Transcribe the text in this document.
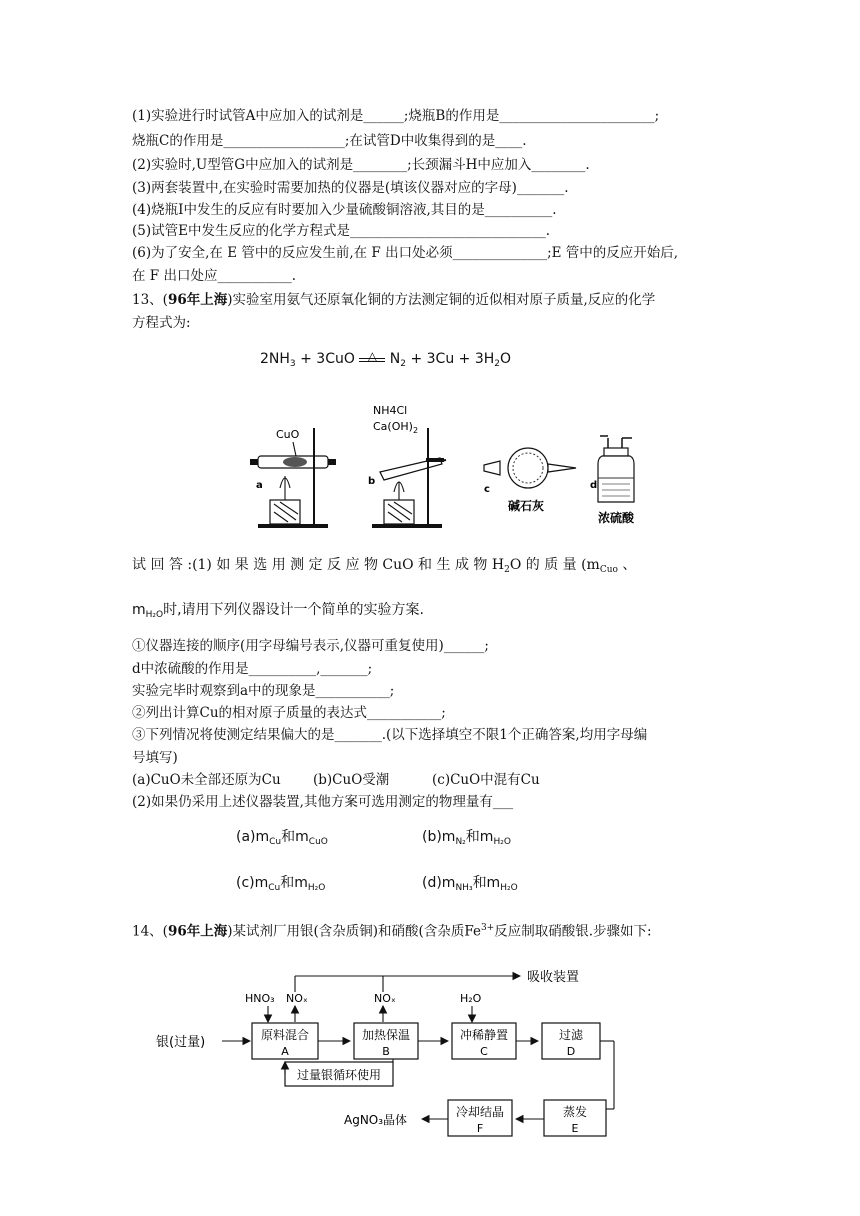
(1)实验进行时试管A中应加入的试剂是______;烧瓶B的作用是_______________________;
烧瓶C的作用是__________________;在试管D中收集得到的是____.
(2)实验时,U型管G中应加入的试剂是________;长颈漏斗H中应加入________.
(3)两套装置中,在实验时需要加热的仪器是(填该仪器对应的字母)_______.
(4)烧瓶I中发生的反应有时要加入少量硫酸铜溶液,其目的是__________.
(5)试管E中发生反应的化学方程式是_____________________________.
(6)为了安全,在 E 管中的反应发生前,在 F 出口处必须______________;E 管中的反应开始后,
在 F 出口处应___________.
13、(96年上海)实验室用氨气还原氧化铜的方法测定铜的近似相对原子质量,反应的化学
方程式为:
$2NH_3 + 3CuO$	△ $N_2 + 3Cu + 3H_2O$
CuO
a
NH4Cl
$Ca(OH)_2$
b
c
碱石灰
d
浓硫酸
试 回 答 :(1) 如 果 选 用 测 定 反 应 物 CuO 和 生 成 物 $H_2O$ 的 质 量 ($m_{Cuo}$ 、
$m_{H_2O}$时,请用下列仪器设计一个简单的实验方案.
①仪器连接的顺序(用字母编号表示,仪器可重复使用)______;
d中浓硫酸的作用是__________,_______;
实验完毕时观察到a中的现象是___________;
②列出计算Cu的相对原子质量的表达式___________;
③下列情况将使测定结果偏大的是_______.(以下选择填空不限1个正确答案,均用字母编
号填写)
(a)CuO未全部还原为Cu (b)CuO受潮	(c)CuO中混有Cu
(2)如果仍采用上述仪器装置,其他方案可选用测定的物理量有___
$(a)m_{Cu}$和$m_{CuO}$	$(b)m_{N_2}$和$m_{H_2O}$
$(c)m_{Cu}$和$m_{H_2O}$	$(d)m_{NH_3}$和$m_{H_2O}$
14、(96年上海)某试剂厂用银(含杂质铜)和硝酸(含杂质$Fe^{3+}$反应制取硝酸银.步骤如下:
吸收装置
HNO₃ NOₓ	NOₓ	H₂O
银(过量)	原料混合
A
加热保温
B
冲稀静置
C
过滤
D
过量银循环使用
蒸发
E
冷却结晶
F
AgNO₃晶体
